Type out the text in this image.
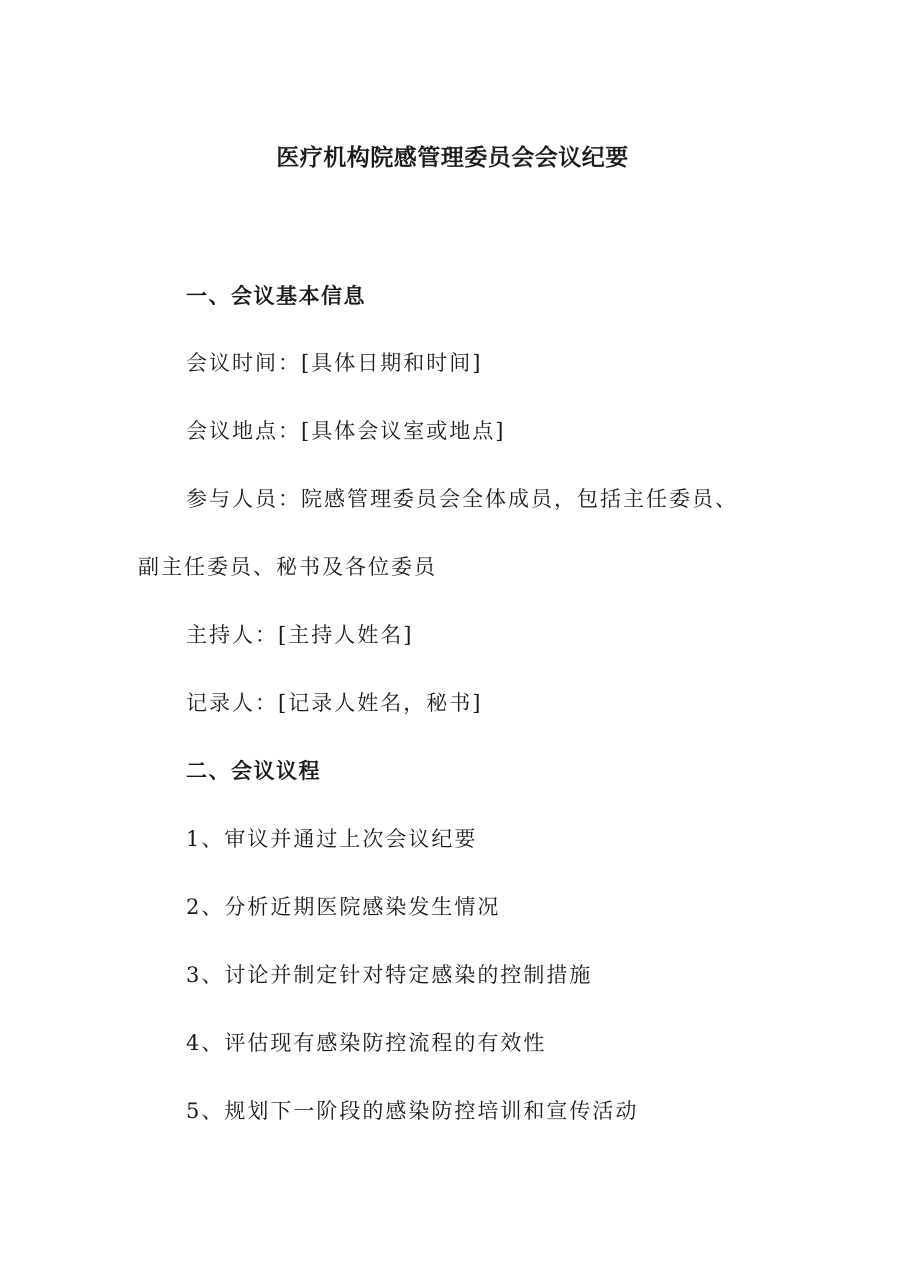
医疗机构院感管理委员会会议纪要
一、会议基本信息
会议时间：[具体日期和时间]
会议地点：[具体会议室或地点]
参与人员：院感管理委员会全体成员，包括主任委员、
副主任委员、秘书及各位委员
主持人：[主持人姓名]
记录人：[记录人姓名，秘书]
二、会议议程
1、审议并通过上次会议纪要
2、分析近期医院感染发生情况
3、讨论并制定针对特定感染的控制措施
4、评估现有感染防控流程的有效性
5、规划下一阶段的感染防控培训和宣传活动
